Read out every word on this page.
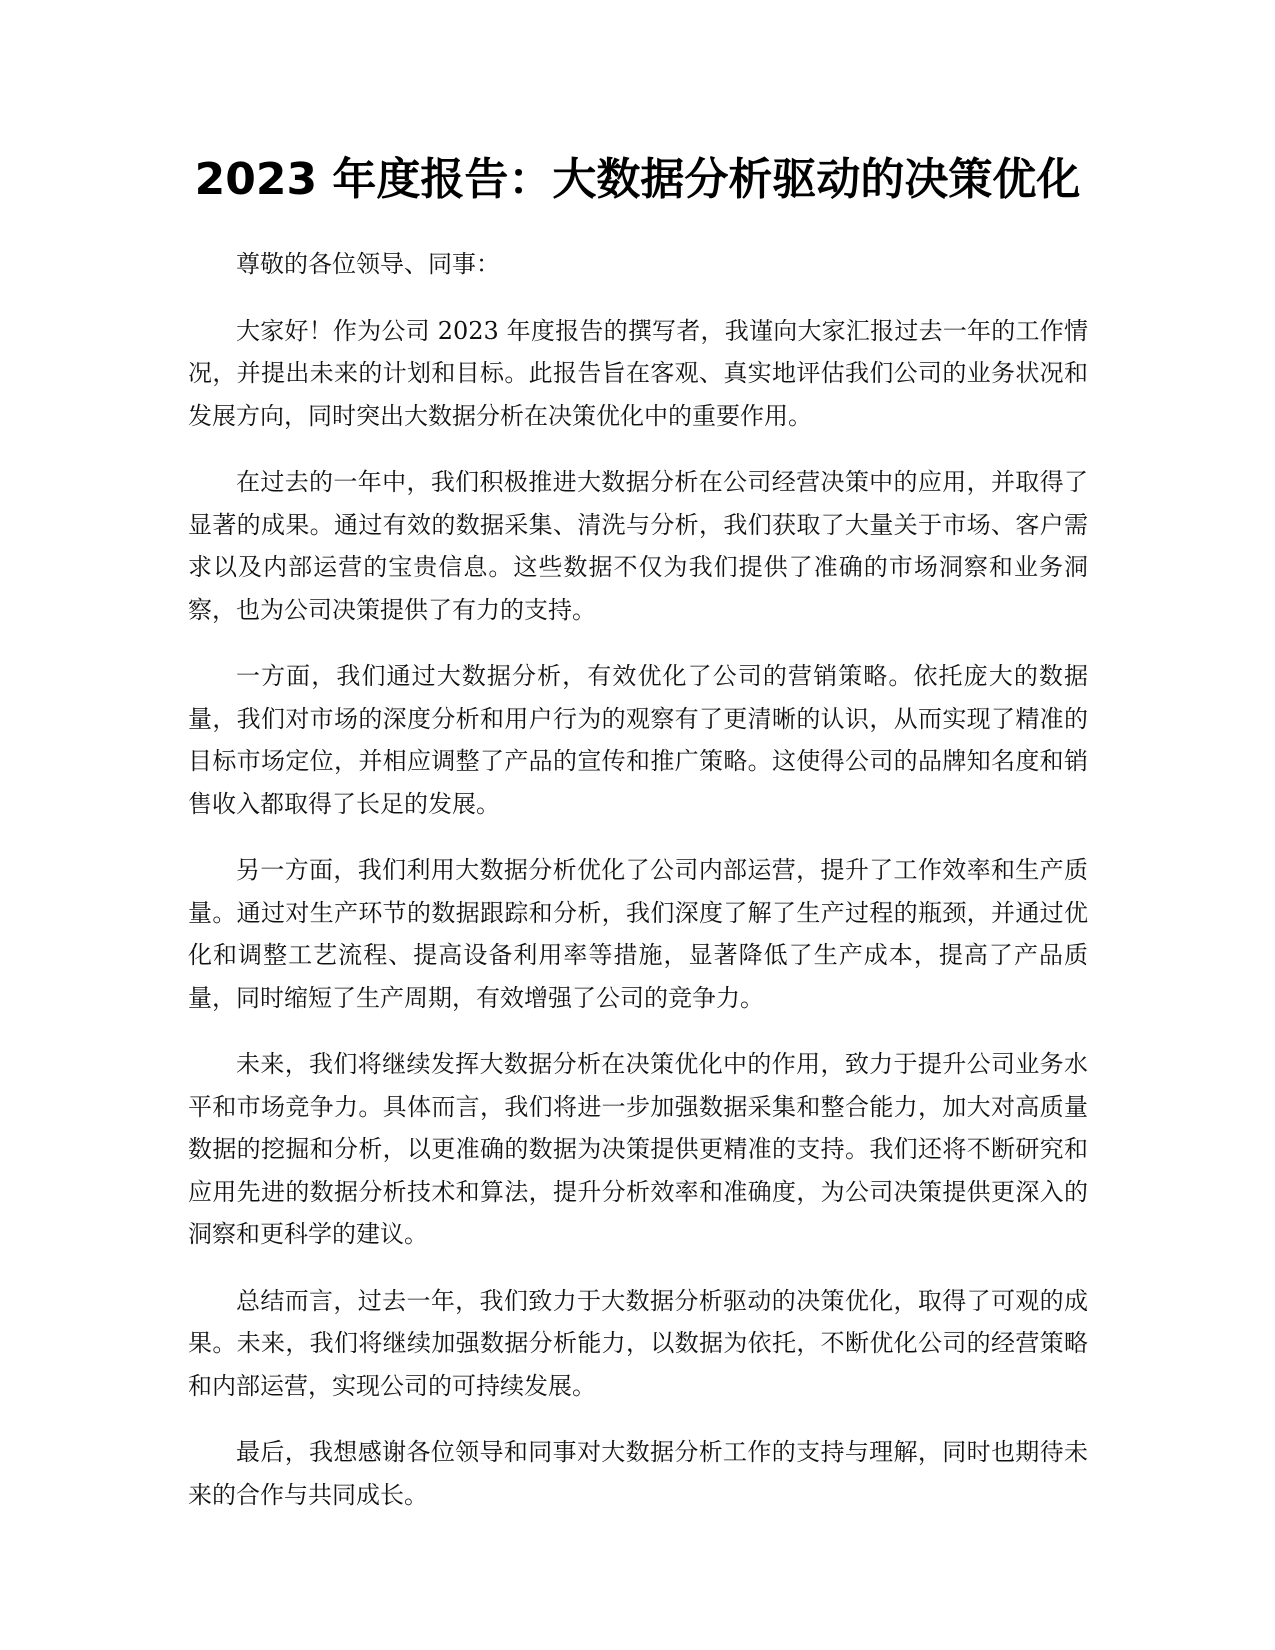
2023 年度报告：大数据分析驱动的决策优化

尊敬的各位领导、同事：

大家好！作为公司 2023 年度报告的撰写者，我谨向大家汇报过去一年的工作情况，并提出未来的计划和目标。此报告旨在客观、真实地评估我们公司的业务状况和发展方向，同时突出大数据分析在决策优化中的重要作用。

在过去的一年中，我们积极推进大数据分析在公司经营决策中的应用，并取得了显著的成果。通过有效的数据采集、清洗与分析，我们获取了大量关于市场、客户需求以及内部运营的宝贵信息。这些数据不仅为我们提供了准确的市场洞察和业务洞察，也为公司决策提供了有力的支持。

一方面，我们通过大数据分析，有效优化了公司的营销策略。依托庞大的数据量，我们对市场的深度分析和用户行为的观察有了更清晰的认识，从而实现了精准的目标市场定位，并相应调整了产品的宣传和推广策略。这使得公司的品牌知名度和销售收入都取得了长足的发展。

另一方面，我们利用大数据分析优化了公司内部运营，提升了工作效率和生产质量。通过对生产环节的数据跟踪和分析，我们深度了解了生产过程的瓶颈，并通过优化和调整工艺流程、提高设备利用率等措施，显著降低了生产成本，提高了产品质量，同时缩短了生产周期，有效增强了公司的竞争力。

未来，我们将继续发挥大数据分析在决策优化中的作用，致力于提升公司业务水平和市场竞争力。具体而言，我们将进一步加强数据采集和整合能力，加大对高质量数据的挖掘和分析，以更准确的数据为决策提供更精准的支持。我们还将不断研究和应用先进的数据分析技术和算法，提升分析效率和准确度，为公司决策提供更深入的洞察和更科学的建议。

总结而言，过去一年，我们致力于大数据分析驱动的决策优化，取得了可观的成果。未来，我们将继续加强数据分析能力，以数据为依托，不断优化公司的经营策略和内部运营，实现公司的可持续发展。

最后，我想感谢各位领导和同事对大数据分析工作的支持与理解，同时也期待未来的合作与共同成长。
